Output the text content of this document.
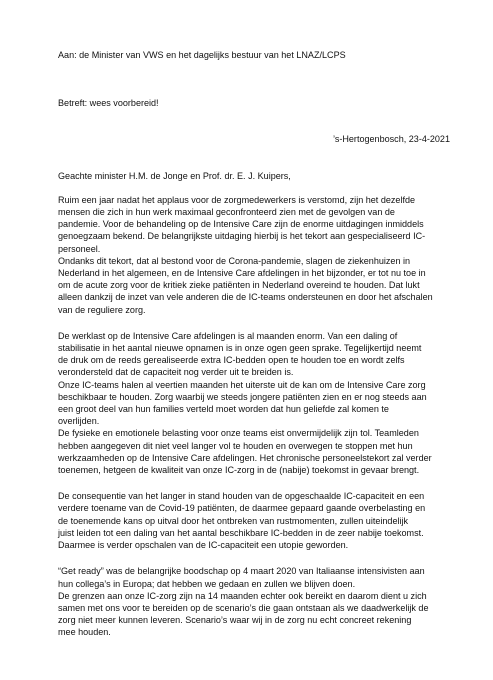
Aan: de Minister van VWS en het dagelijks bestuur van het LNAZ/LCPS
Betreft: wees voorbereid!
’s-Hertogenbosch, 23-4-2021
Geachte minister H.M. de Jonge en Prof. dr. E. J. Kuipers,
Ruim een jaar nadat het applaus voor de zorgmedewerkers is verstomd, zijn het dezelfde
mensen die zich in hun werk maximaal geconfronteerd zien met de gevolgen van de
pandemie. Voor de behandeling op de Intensive Care zijn de enorme uitdagingen inmiddels
genoegzaam bekend. De belangrijkste uitdaging hierbij is het tekort aan gespecialiseerd IC-
personeel.
Ondanks dit tekort, dat al bestond voor de Corona-pandemie, slagen de ziekenhuizen in
Nederland in het algemeen, en de Intensive Care afdelingen in het bijzonder, er tot nu toe in
om de acute zorg voor de kritiek zieke patiënten in Nederland overeind te houden. Dat lukt
alleen dankzij de inzet van vele anderen die de IC-teams ondersteunen en door het afschalen
van de reguliere zorg.
De werklast op de Intensive Care afdelingen is al maanden enorm. Van een daling of
stabilisatie in het aantal nieuwe opnamen is in onze ogen geen sprake. Tegelijkertijd neemt
de druk om de reeds gerealiseerde extra IC-bedden open te houden toe en wordt zelfs
verondersteld dat de capaciteit nog verder uit te breiden is.
Onze IC-teams halen al veertien maanden het uiterste uit de kan om de Intensive Care zorg
beschikbaar te houden. Zorg waarbij we steeds jongere patiënten zien en er nog steeds aan
een groot deel van hun families verteld moet worden dat hun geliefde zal komen te
overlijden.
De fysieke en emotionele belasting voor onze teams eist onvermijdelijk zijn tol. Teamleden
hebben aangegeven dit niet veel langer vol te houden en overwegen te stoppen met hun
werkzaamheden op de Intensive Care afdelingen. Het chronische personeelstekort zal verder
toenemen, hetgeen de kwaliteit van onze IC-zorg in de (nabije) toekomst in gevaar brengt.
De consequentie van het langer in stand houden van de opgeschaalde IC-capaciteit en een
verdere toename van de Covid-19 patiënten, de daarmee gepaard gaande overbelasting en
de toenemende kans op uitval door het ontbreken van rustmomenten, zullen uiteindelijk
juist leiden tot een daling van het aantal beschikbare IC-bedden in de zeer nabije toekomst.
Daarmee is verder opschalen van de IC-capaciteit een utopie geworden.
“Get ready” was de belangrijke boodschap op 4 maart 2020 van Italiaanse intensivisten aan
hun collega’s in Europa; dat hebben we gedaan en zullen we blijven doen.
De grenzen aan onze IC-zorg zijn na 14 maanden echter ook bereikt en daarom dient u zich
samen met ons voor te bereiden op de scenario’s die gaan ontstaan als we daadwerkelijk de
zorg niet meer kunnen leveren. Scenario’s waar wij in de zorg nu echt concreet rekening
mee houden.
